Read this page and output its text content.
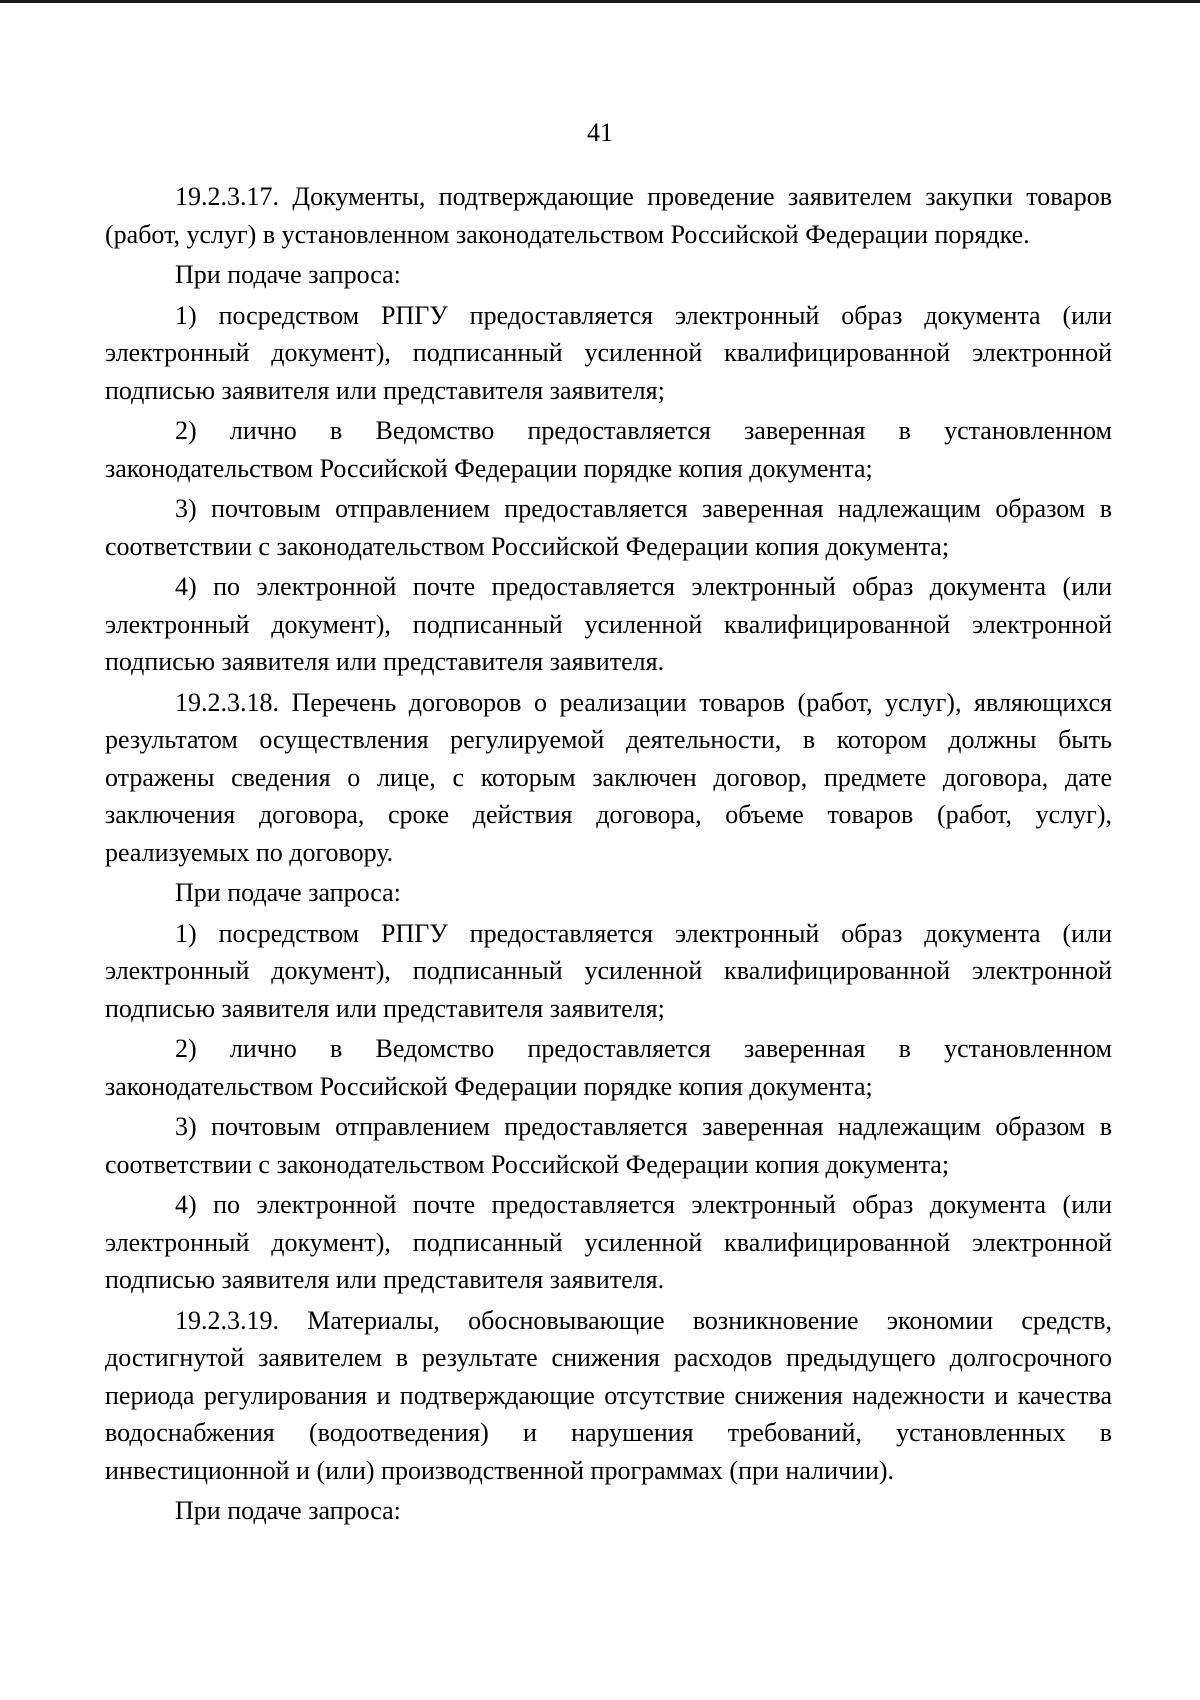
41

19.2.3.17. Документы, подтверждающие проведение заявителем закупки товаров (работ, услуг) в установленном законодательством Российской Федерации порядке.

При подаче запроса:

1) посредством РПГУ предоставляется электронный образ документа (или электронный документ), подписанный усиленной квалифицированной электронной подписью заявителя или представителя заявителя;

2) лично в Ведомство предоставляется заверенная в установленном законодательством Российской Федерации порядке копия документа;

3) почтовым отправлением предоставляется заверенная надлежащим образом в соответствии с законодательством Российской Федерации копия документа;

4) по электронной почте предоставляется электронный образ документа (или электронный документ), подписанный усиленной квалифицированной электронной подписью заявителя или представителя заявителя.

19.2.3.18. Перечень договоров о реализации товаров (работ, услуг), являющихся результатом осуществления регулируемой деятельности, в котором должны быть отражены сведения о лице, с которым заключен договор, предмете договора, дате заключения договора, сроке действия договора, объеме товаров (работ, услуг), реализуемых по договору.

При подаче запроса:

1) посредством РПГУ предоставляется электронный образ документа (или электронный документ), подписанный усиленной квалифицированной электронной подписью заявителя или представителя заявителя;

2) лично в Ведомство предоставляется заверенная в установленном законодательством Российской Федерации порядке копия документа;

3) почтовым отправлением предоставляется заверенная надлежащим образом в соответствии с законодательством Российской Федерации копия документа;

4) по электронной почте предоставляется электронный образ документа (или электронный документ), подписанный усиленной квалифицированной электронной подписью заявителя или представителя заявителя.

19.2.3.19. Материалы, обосновывающие возникновение экономии средств, достигнутой заявителем в результате снижения расходов предыдущего долгосрочного периода регулирования и подтверждающие отсутствие снижения надежности и качества водоснабжения (водоотведения) и нарушения требований, установленных в инвестиционной и (или) производственной программах (при наличии).

При подаче запроса:
